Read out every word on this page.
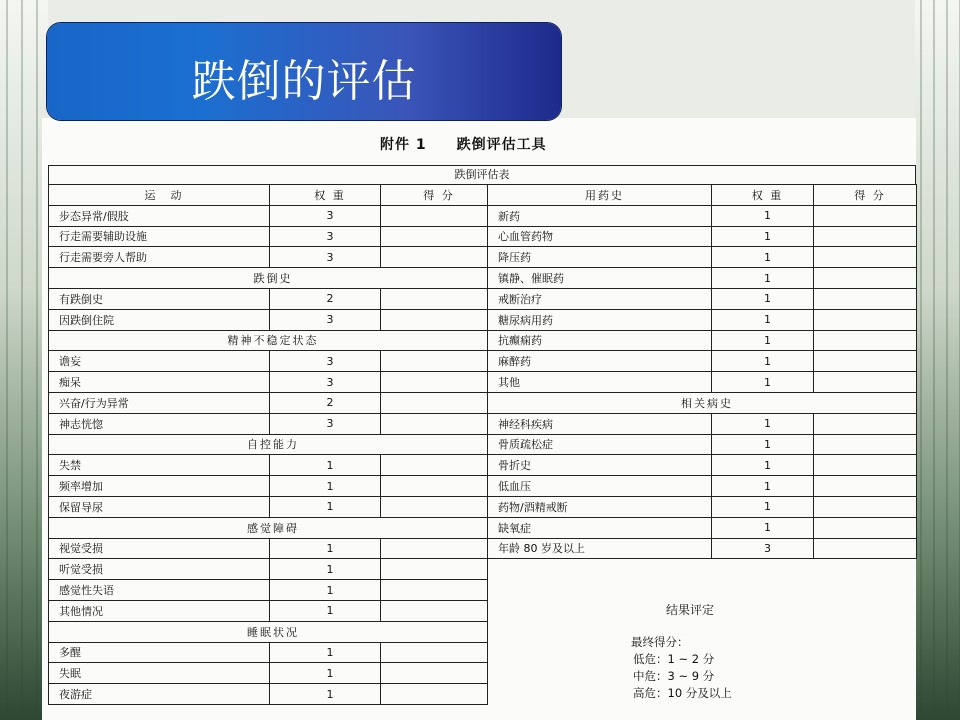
跌倒的评估
附件 1 跌倒评估工具
跌倒评估表
运　动	权 重	得 分
步态异常/假肢	3	
行走需要辅助设施	3	
行走需要旁人帮助	3	
跌倒史		
有跌倒史	2	
因跌倒住院	3	
精神不稳定状态		
谵妄	3	
痴呆	3	
兴奋/行为异常	2	
神志恍惚	3	
自控能力		
失禁	1	
频率增加	1	
保留导尿	1	
感觉障碍		
视觉受损	1	
听觉受损	1	
感觉性失语	1	
其他情况	1	
睡眠状况		
多醒	1	
失眠	1	
夜游症	1	
用药史	权 重	得 分
新药	1	
心血管药物	1	
降压药	1	
镇静、催眠药	1	
戒断治疗	1	
糖尿病用药	1	
抗癫痫药	1	
麻醉药	1	
其他	1	
相关病史		
神经科疾病	1	
骨质疏松症	1	
骨折史	1	
低血压	1	
药物/酒精戒断	1	
缺氧症	1	
年龄 80 岁及以上	3	
结果评定
最终得分：
低危：1 ~ 2 分
中危：3 ~ 9 分
高危：10 分及以上
